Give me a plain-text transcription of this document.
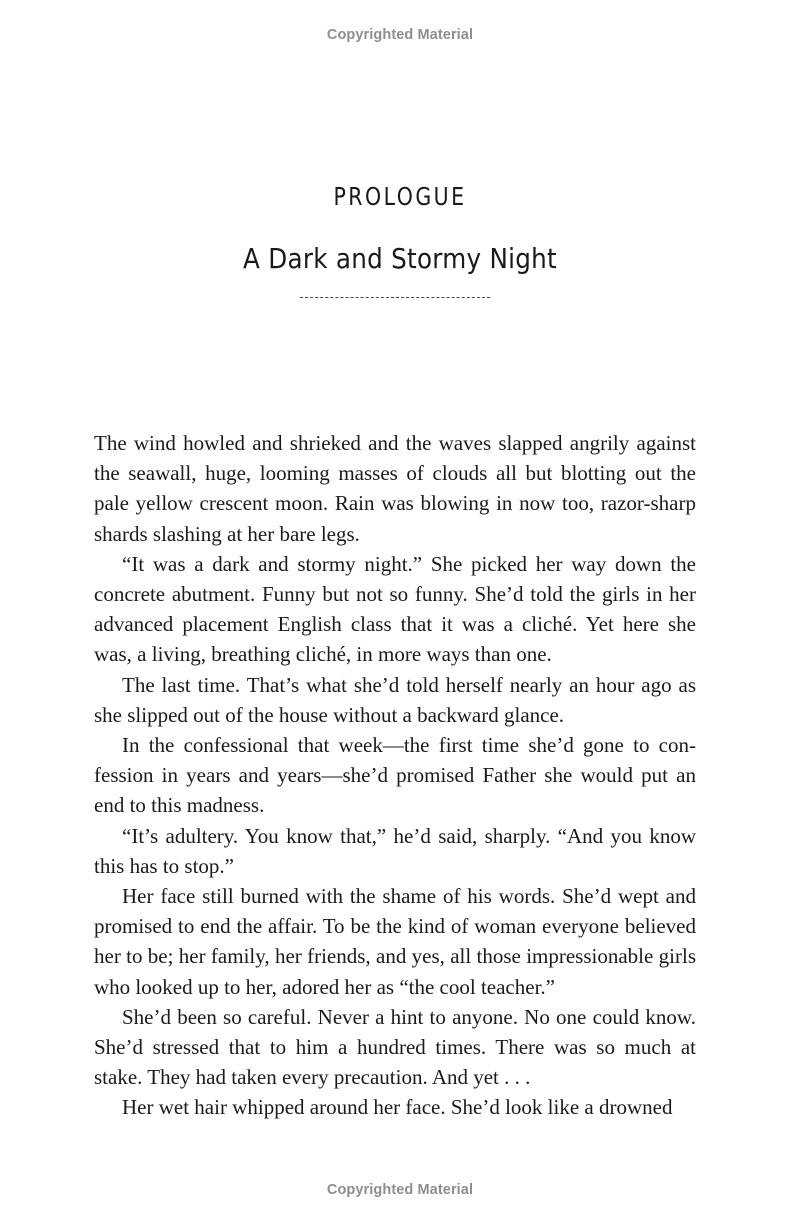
Copyrighted Material
PROLOGUE
A Dark and Stormy Night

The wind howled and shrieked and the waves slapped angrily against the seawall, huge, looming masses of clouds all but blotting out the pale yellow crescent moon. Rain was blowing in now too, razor-sharp shards slashing at her bare legs.

“It was a dark and stormy night.” She picked her way down the concrete abutment. Funny but not so funny. She’d told the girls in her advanced placement English class that it was a cliché. Yet here she was, a living, breathing cliché, in more ways than one.

The last time. That’s what she’d told herself nearly an hour ago as she slipped out of the house without a backward glance.

In the confessional that week—the first time she’d gone to confession in years and years—she’d promised Father she would put an end to this madness.

“It’s adultery. You know that,” he’d said, sharply. “And you know this has to stop.”

Her face still burned with the shame of his words. She’d wept and promised to end the affair. To be the kind of woman everyone believed her to be; her family, her friends, and yes, all those impressionable girls who looked up to her, adored her as “the cool teacher.”

She’d been so careful. Never a hint to anyone. No one could know. She’d stressed that to him a hundred times. There was so much at stake. They had taken every precaution. And yet . . .

Her wet hair whipped around her face. She’d look like a drowned

Copyrighted Material
